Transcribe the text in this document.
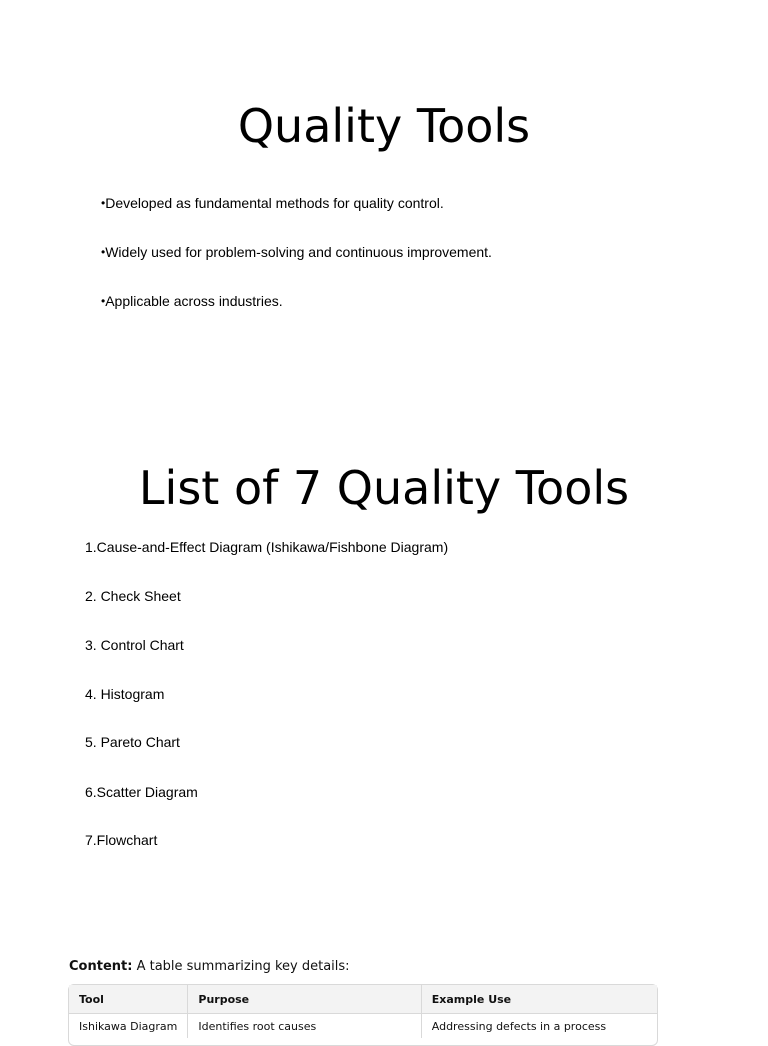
Quality Tools
•Developed as fundamental methods for quality control.
•Widely used for problem-solving and continuous improvement.
•Applicable across industries.
List of 7 Quality Tools
1.Cause-and-Effect Diagram (Ishikawa/Fishbone Diagram)
2. Check Sheet
3. Control Chart
4. Histogram
5. Pareto Chart
6.Scatter Diagram
7.Flowchart
Content: A table summarizing key details:
Tool	Purpose	Example Use
Ishikawa Diagram	Identifies root causes	Addressing defects in a process
